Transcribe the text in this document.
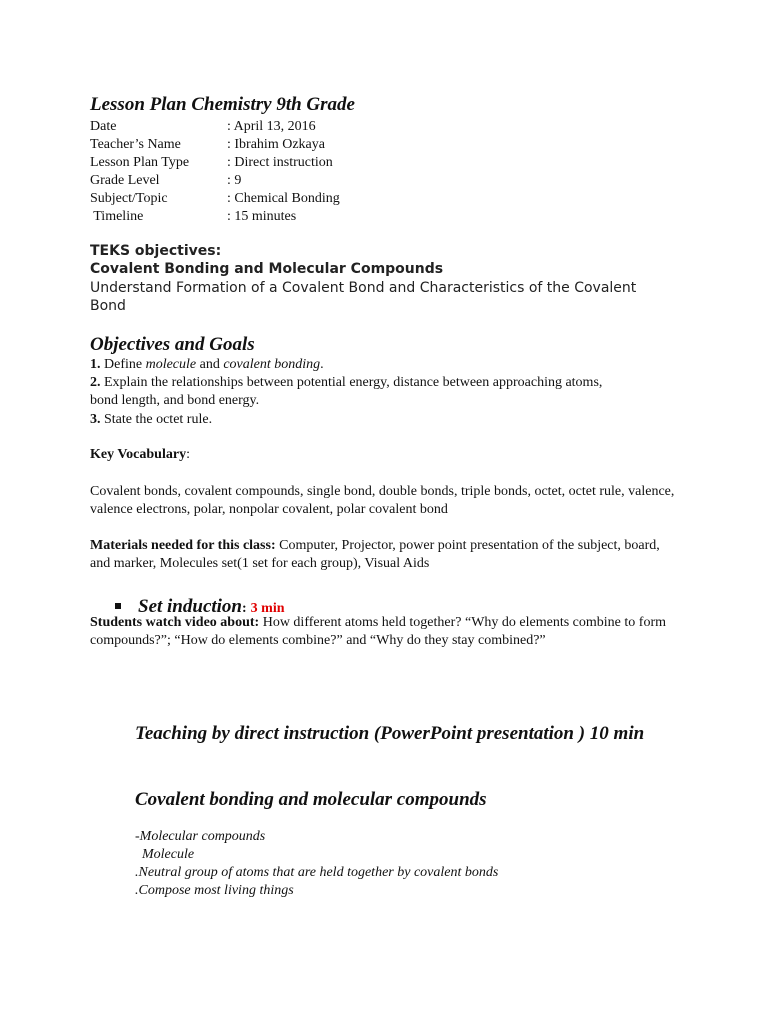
Lesson Plan Chemistry 9th Grade
Date	: April 13, 2016
Teacher’s Name	: Ibrahim Ozkaya
Lesson Plan Type	: Direct instruction
Grade Level	: 9
Subject/Topic	: Chemical Bonding
Timeline	: 15 minutes
TEKS objectives:
Covalent Bonding and Molecular Compounds
Understand Formation of a Covalent Bond and Characteristics of the Covalent Bond
Objectives and Goals
1. Define molecule and covalent bonding.
2. Explain the relationships between potential energy, distance between approaching atoms, bond length, and bond energy.
3. State the octet rule.
Key Vocabulary:
Covalent bonds, covalent compounds, single bond, double bonds, triple bonds, octet, octet rule, valence, valence electrons, polar, nonpolar covalent, polar covalent bond
Materials needed for this class: Computer, Projector, power point presentation of the subject, board, and marker, Molecules set(1 set for each group), Visual Aids
Set induction : 3 min
Students watch video about: How different atoms held together? “Why do elements combine to form compounds?”; “How do elements combine?” and “Why do they stay combined?”
Teaching by direct instruction (PowerPoint presentation ) 10 min
Covalent bonding and molecular compounds
-Molecular compounds
Molecule
.Neutral group of atoms that are held together by covalent bonds
.Compose most living things
